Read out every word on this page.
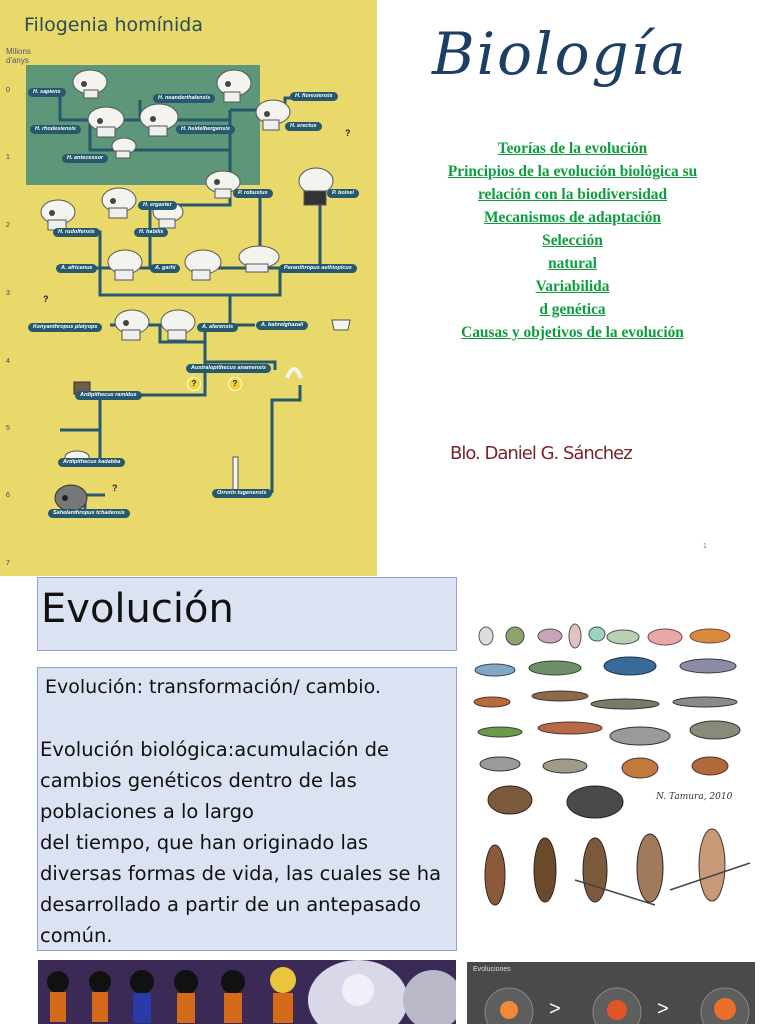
Filogenia homínida
Milions d'anys
0
1
2
3
4
5
6
7
?
?
?
?	?
H. sapiens
H. neanderthalensis	H. floresiensis
H. rhodesiensis	H. heidelbergensis	H. erectus
H. antecessor
P. robustus	P. boisei
H. ergaster
H. rudolfensis	H. habilis
A. africanus	A. garhi	Paranthropus aethiopicus
Kenyanthropus platyops	A. afarensis	A. bahrelghazali
Australopithecus anamensis
Ardipithecus ramidus
Ardipithecus kadabba
Orrorin tugenensis
Sahelanthropus tchadensis
Biología
Teorías de la evolución
Principios de la evolución biológica su
relación con la biodiversidad
Mecanismos de adaptación
Selección
natural
Variabilida
d genética
Causas y objetivos de la evolución
Blo. Daniel G. Sánchez
1
Evolución
Evolución: transformación/ cambio.
Evolución biológica:acumulación de
cambios genéticos dentro de las
poblaciones a lo largo
del tiempo, que han originado las
diversas formas de vida, las cuales se ha
desarrollado a partir de un antepasado
común.
N. Tamura, 2010
Evoluciones
>	>
